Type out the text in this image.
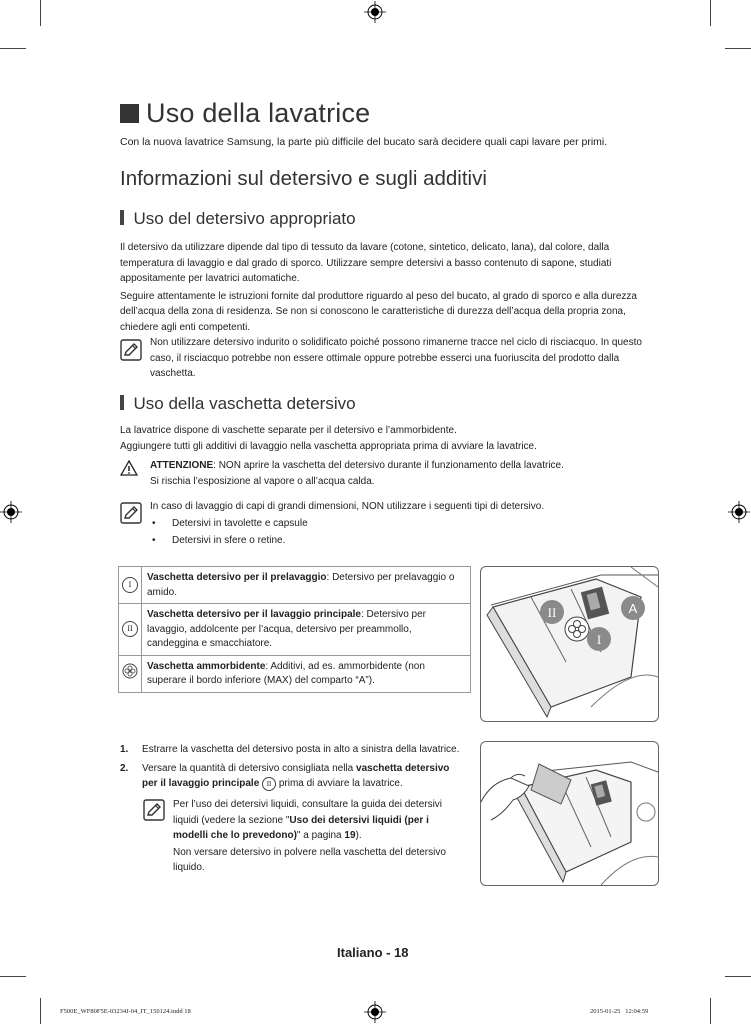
Uso della lavatrice
Con la nuova lavatrice Samsung, la parte più difficile del bucato sarà decidere quali capi lavare per primi.
Informazioni sul detersivo e sugli additivi
Uso del detersivo appropriato

Il detersivo da utilizzare dipende dal tipo di tessuto da lavare (cotone, sintetico, delicato, lana), dal colore, dalla temperatura di lavaggio e dal grado di sporco. Utilizzare sempre detersivi a basso contenuto di sapone, studiati appositamente per lavatrici automatiche.

Seguire attentamente le istruzioni fornite dal produttore riguardo al peso del bucato, al grado di sporco e alla durezza dell’acqua della zona di residenza. Se non si conoscono le caratteristiche di durezza dell’acqua della propria zona, chiedere agli enti competenti.

Non utilizzare detersivo indurito o solidificato poiché possono rimanerne tracce nel ciclo di risciacquo. In questo caso, il risciacquo potrebbe non essere ottimale oppure potrebbe esserci una fuoriuscita del prodotto dalla vaschetta.
Uso della vaschetta detersivo

La lavatrice dispone di vaschette separate per il detersivo e l’ammorbidente.

Aggiungere tutti gli additivi di lavaggio nella vaschetta appropriata prima di avviare la lavatrice.

ATTENZIONE: NON aprire la vaschetta del detersivo durante il funzionamento della lavatrice.
Si rischia l’esposizione al vapore o all’acqua calda.
In caso di lavaggio di capi di grandi dimensioni, NON utilizzare i seguenti tipi di detersivo.
• Detersivi in tavolette e capsule
• Detersivi in sfere o retine.
I	Vaschetta detersivo per il prelavaggio: Detersivo per prelavaggio o amido.
II	Vaschetta detersivo per il lavaggio principale: Detersivo per lavaggio, addolcente per l’acqua, detersivo per preammollo, candeggina e smacchiatore.
	Vaschetta ammorbidente: Additivi, ad es. ammorbidente (non superare il bordo inferiore (MAX) del comparto “A”).
II	A
I
1. Estrarre la vaschetta del detersivo posta in alto a sinistra della lavatrice.
2. Versare la quantità di detersivo consigliata nella vaschetta detersivo per il lavaggio principale II prima di avviare la lavatrice.
Per l’uso dei detersivi liquidi, consultare la guida dei detersivi liquidi (vedere la sezione "Uso dei detersivi liquidi (per i modelli che lo prevedono)" a pagina 19).
Non versare detersivo in polvere nella vaschetta del detersivo liquido.
Italiano - 18
F500E_WF80F5E-03234J-04_IT_150124.indd 18	2015-01-25   12:04:59
